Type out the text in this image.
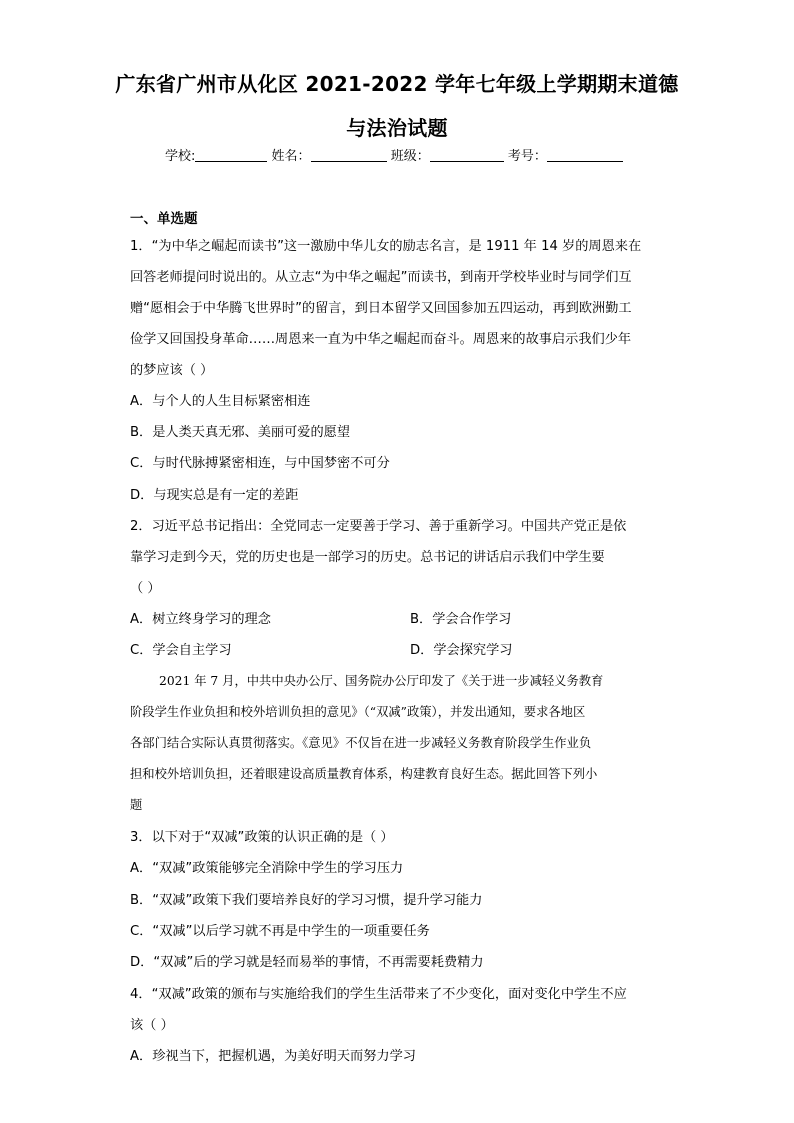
广东省广州市从化区 2021-2022 学年七年级上学期期末道德
与法治试题
学校:	姓名：	班级：	考号：
一、单选题
1．“为中华之崛起而读书”这一激励中华儿女的励志名言，是 1911 年 14 岁的周恩来在
回答老师提问时说出的。从立志“为中华之崛起”而读书，到南开学校毕业时与同学们互
赠“愿相会于中华腾飞世界时”的留言，到日本留学又回国参加五四运动，再到欧洲勤工
俭学又回国投身革命……周恩来一直为中华之崛起而奋斗。周恩来的故事启示我们少年
的梦应该（ ）
A．与个人的人生目标紧密相连
B．是人类天真无邪、美丽可爱的愿望
C．与时代脉搏紧密相连，与中国梦密不可分
D．与现实总是有一定的差距
2．习近平总书记指出：全党同志一定要善于学习、善于重新学习。中国共产党正是依
靠学习走到今天，党的历史也是一部学习的历史。总书记的讲话启示我们中学生要
（ ）
A．树立终身学习的理念	B．学会合作学习
C．学会自主学习	D．学会探究学习
2021 年 7 月，中共中央办公厅、国务院办公厅印发了《关于进一步减轻义务教育
阶段学生作业负担和校外培训负担的意见》（“双减”政策），并发出通知，要求各地区
各部门结合实际认真贯彻落实。《意见》不仅旨在进一步减轻义务教育阶段学生作业负
担和校外培训负担，还着眼建设高质量教育体系，构建教育良好生态。据此回答下列小
题
3．以下对于“双减”政策的认识正确的是（ ）
A．“双减”政策能够完全消除中学生的学习压力
B．“双减”政策下我们要培养良好的学习习惯，提升学习能力
C．“双减”以后学习就不再是中学生的一项重要任务
D．“双减”后的学习就是轻而易举的事情，不再需要耗费精力
4．“双减”政策的颁布与实施给我们的学生生活带来了不少变化，面对变化中学生不应
该（ ）
A．珍视当下，把握机遇，为美好明天而努力学习
